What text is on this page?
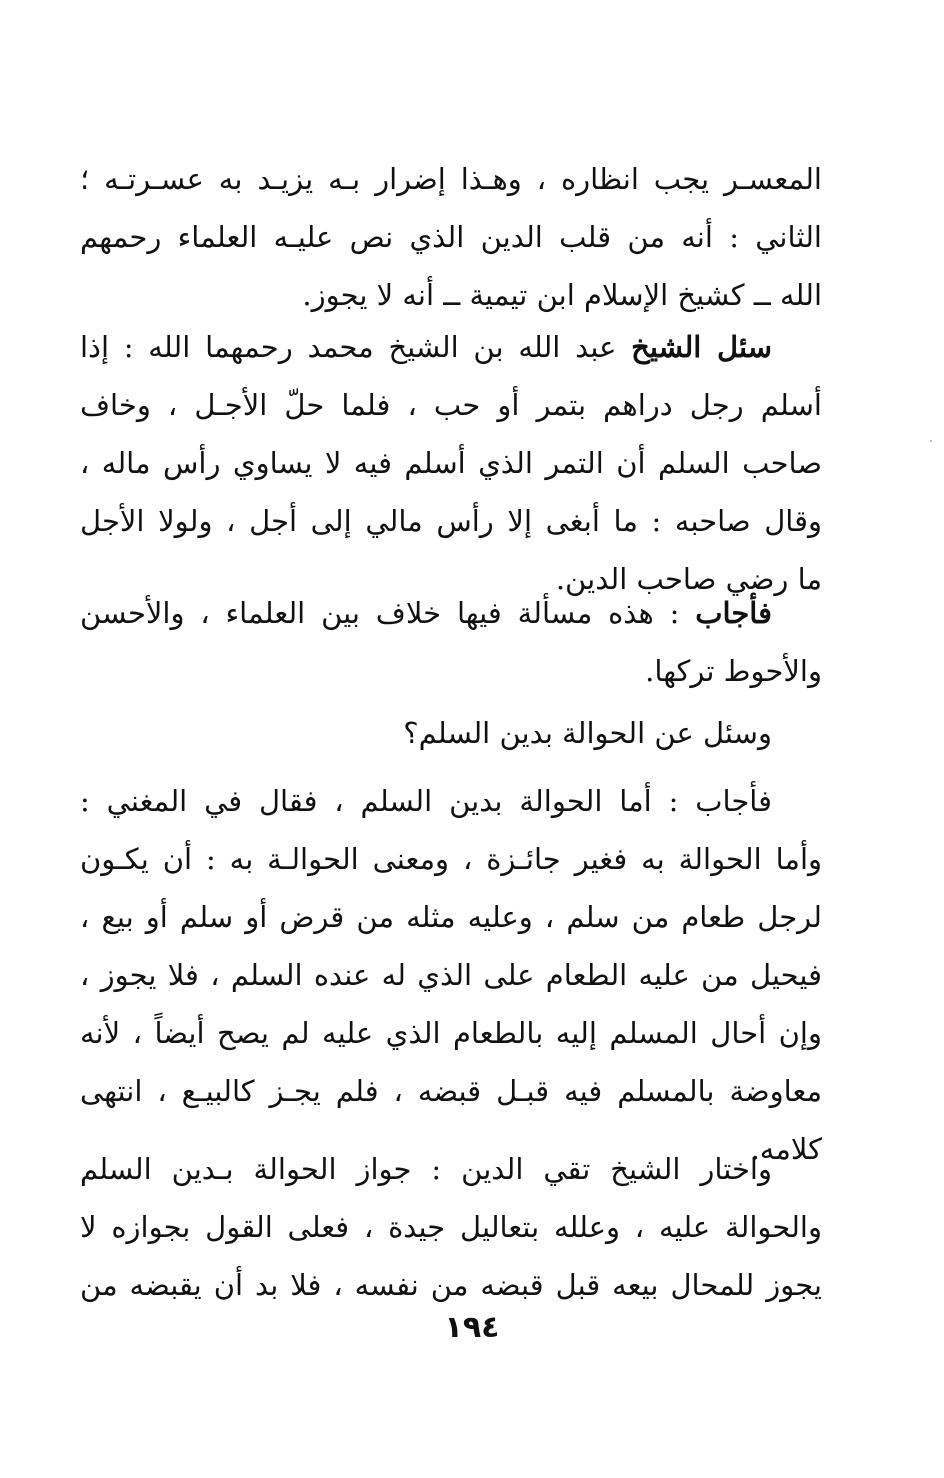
المعسـر يجب انظاره ، وهـذا إضرار بـه يزيـد به عسـرتـه ؛
الثاني : أنه من قلب الدين الذي نص عليـه العلماء رحمهم
الله ــ كشيخ الإسلام ابن تيمية ــ أنه لا يجوز.
سئل الشيخ عبد الله بن الشيخ محمد رحمهما الله : إذا
أسلم رجل دراهم بتمر أو حب ، فلما حلّ الأجـل ، وخاف
صاحب السلم أن التمر الذي أسلم فيه لا يساوي رأس ماله ،
وقال صاحبه : ما أبغى إلا رأس مالي إلى أجل ، ولولا الأجل
ما رضي صاحب الدين.
فأجاب : هذه مسألة فيها خلاف بين العلماء ، والأحسن
والأحوط تركها.
وسئل عن الحوالة بدين السلم؟
فأجاب : أما الحوالة بدين السلم ، فقال في المغني :
وأما الحوالة به فغير جائـزة ، ومعنى الحوالـة به : أن يكـون
لرجل طعام من سلم ، وعليه مثله من قرض أو سلم أو بيع ،
فيحيل من عليه الطعام على الذي له عنده السلم ، فلا يجوز ،
وإن أحال المسلم إليه بالطعام الذي عليه لم يصح أيضاً ، لأنه
معاوضة بالمسلم فيه قبـل قبضه ، فلم يجـز كالبيـع ، انتهى
كلامه.
واختار الشيخ تقي الدين : جواز الحوالة بـدين السلم
والحوالة عليه ، وعلله بتعاليل جيدة ، فعلى القول بجوازه لا
يجوز للمحال بيعه قبل قبضه من نفسه ، فلا بد أن يقبضه من
١٩٤
